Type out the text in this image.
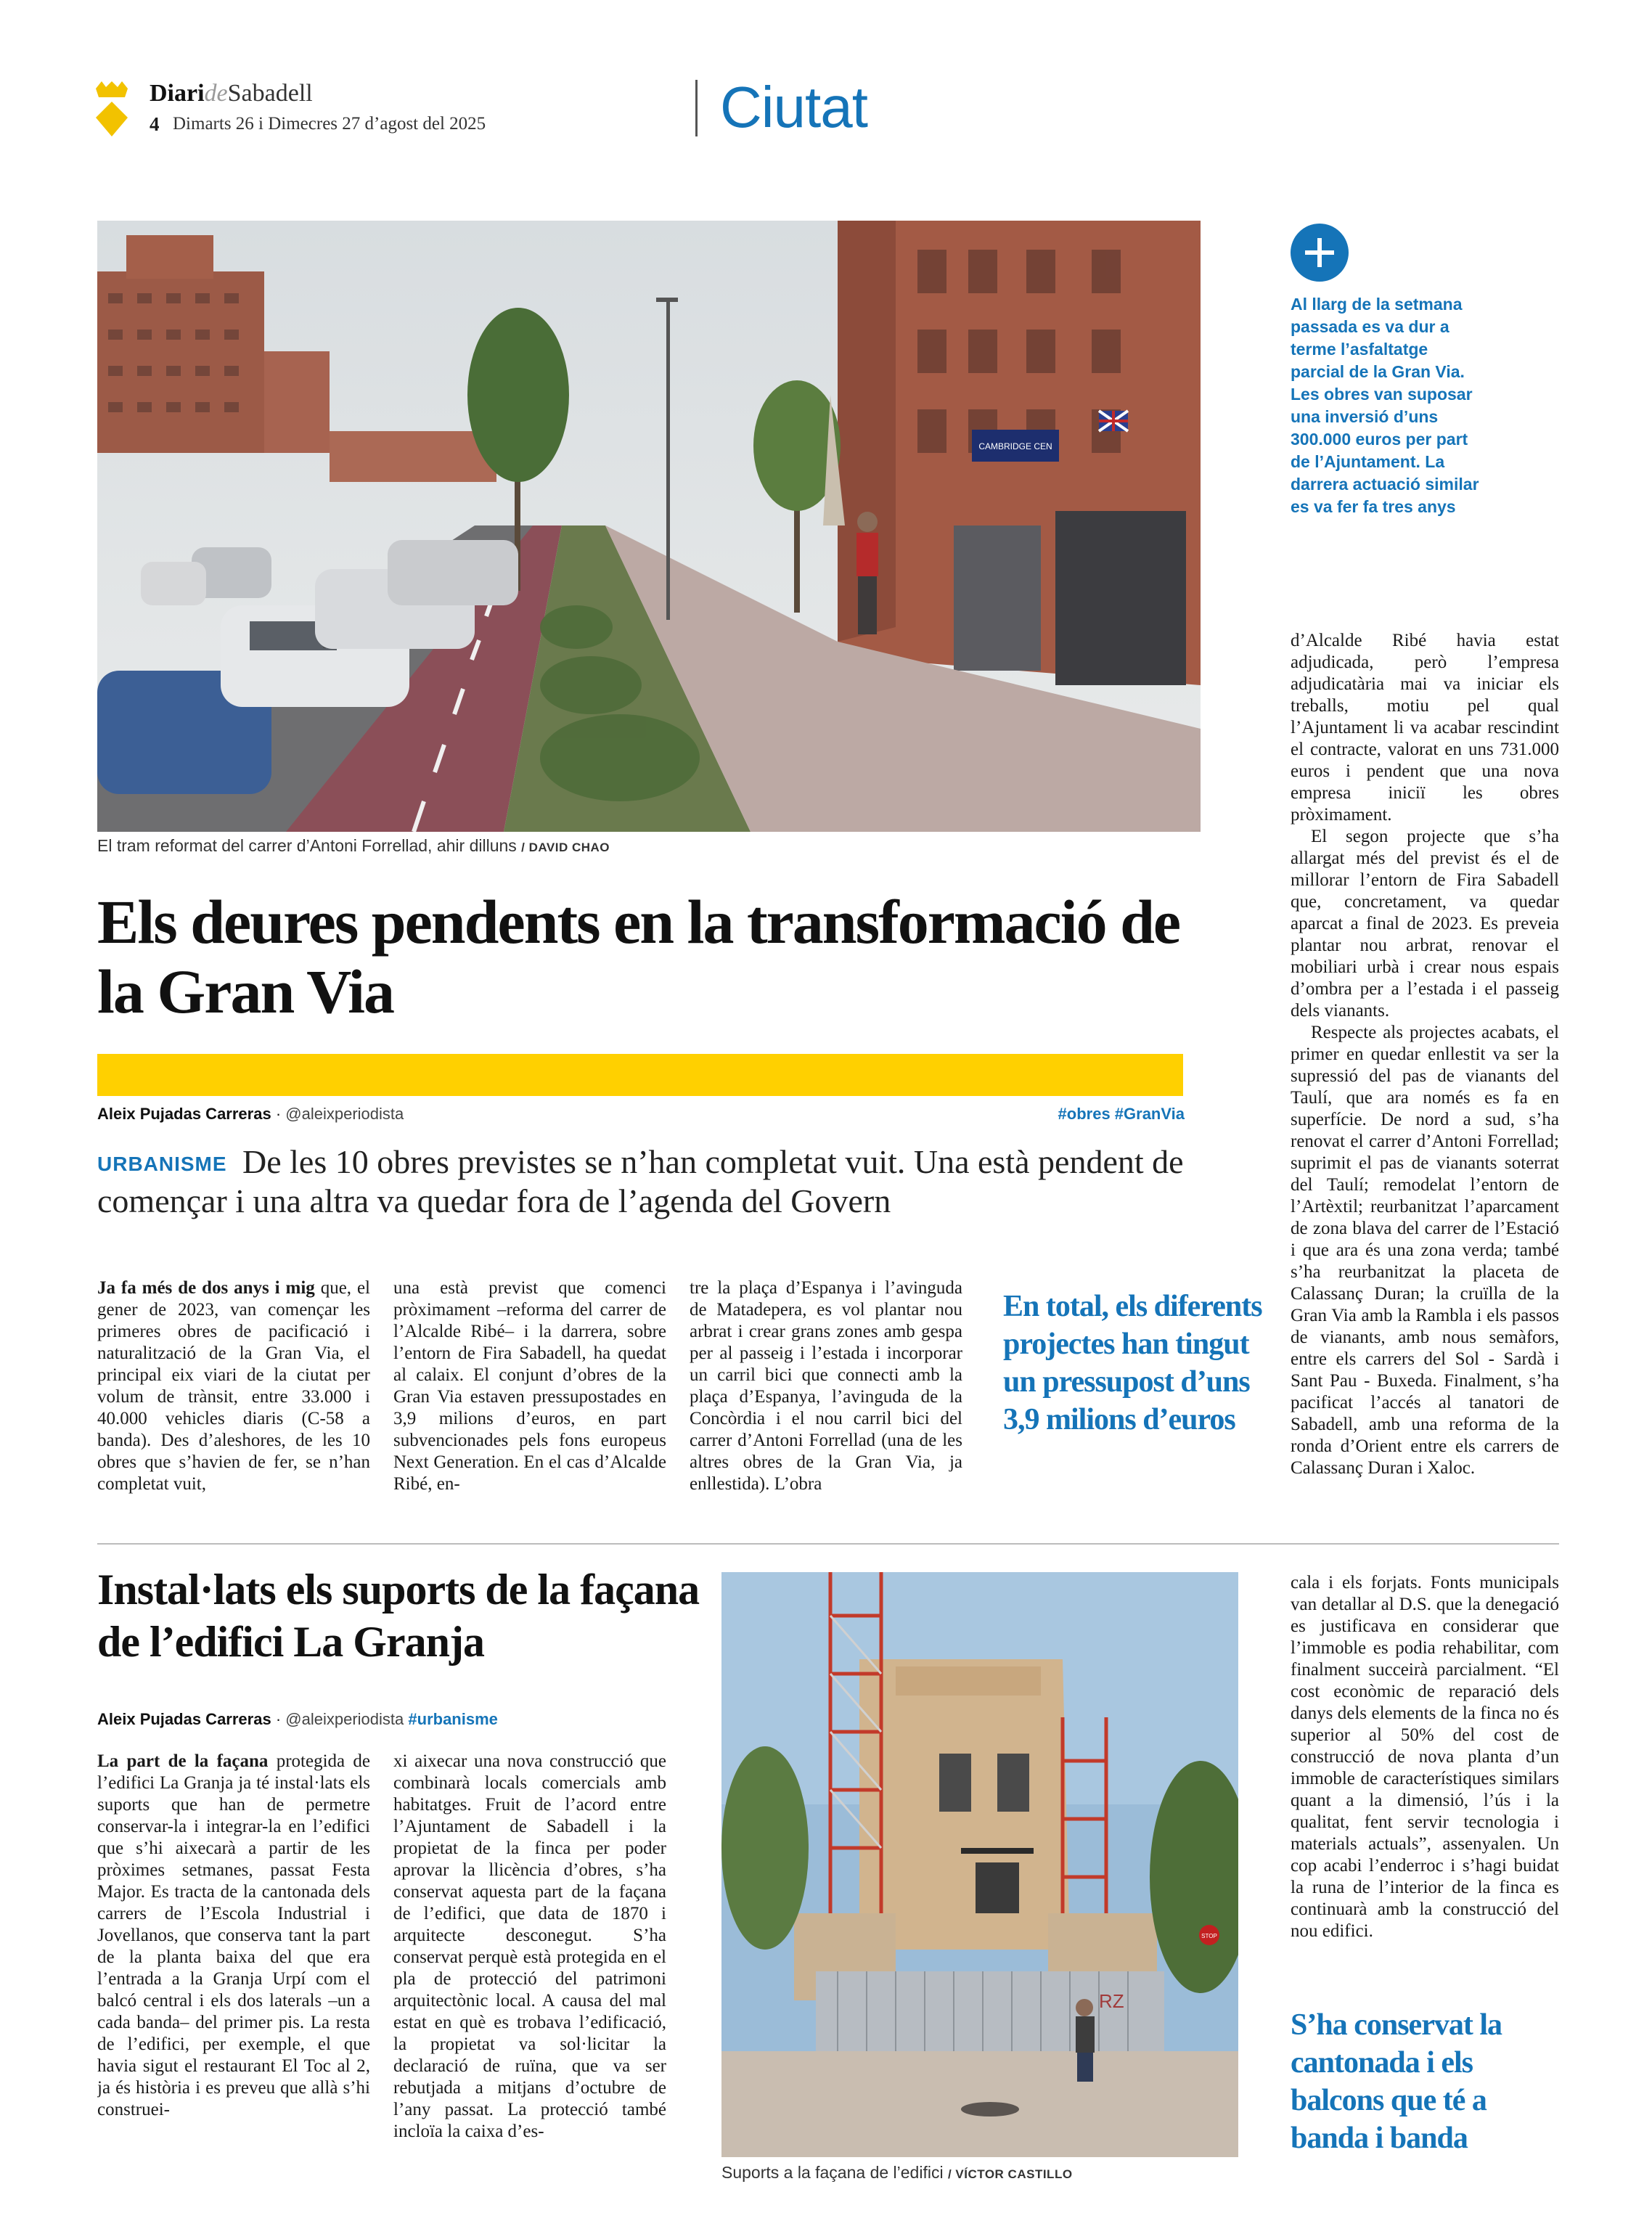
DiarideSabadell
4 Dimarts 26 i Dimecres 27 d’agost del 2025	Ciutat
CAMBRIDGE CEN
El tram reformat del carrer d’Antoni Forrellad, ahir dilluns / DAVID CHAO
Els deures pendents en la transformació de la Gran Via
Aleix Pujadas Carreras · @aleixperiodista	#obres #GranVia
De les 10 obres previstes se n’han completat vuit. Una està pendent de començar i una altra va quedar fora de l’agenda del Govern
URBANISME

Ja fa més de dos anys i mig que, el gener de 2023, van començar les primeres obres de pacificació i naturalització de la Gran Via, el principal eix viari de la ciutat per volum de trànsit, entre 33.000 i 40.000 vehicles diaris (C-58 a banda). Des d’aleshores, de les 10 obres que s’havien de fer, se n’han completat vuit,

una està previst que comenci pròximament –reforma del carrer de l’Alcalde Ribé– i la darrera, sobre l’entorn de Fira Sabadell, ha quedat al calaix. El conjunt d’obres de la Gran Via estaven pressupostades en 3,9 milions d’euros, en part subvencionades pels fons europeus Next Generation. En el cas d’Alcalde Ribé, en-

tre la plaça d’Espanya i l’avinguda de Matadepera, es vol plantar nou arbrat i crear grans zones amb gespa per al passeig i l’estada i incorporar un carril bici que connecti amb la plaça d’Espanya, l’avinguda de la Concòrdia i el nou carril bici del carrer d’Antoni Forrellad (una de les altres obres de la Gran Via, ja enllestida). L’obra

En total, els diferents projectes han tingut un pressupost d’uns 3,9 milions d’euros
Al llarg de la setmana passada es va dur a terme l’asfaltatge parcial de la Gran Via. Les obres van suposar una inversió d’uns 300.000 euros per part de l’Ajuntament. La darrera actuació similar es va fer fa tres anys

d’Alcalde Ribé havia estat adjudicada, però l’empresa adjudicatària mai va iniciar els treballs, motiu pel qual l’Ajuntament li va acabar rescindint el contracte, valorat en uns 731.000 euros i pendent que una nova empresa iniciï les obres pròximament.

El segon projecte que s’ha allargat més del previst és el de millorar l’entorn de Fira Sabadell que, concretament, va quedar aparcat a final de 2023. Es preveia plantar nou arbrat, renovar el mobiliari urbà i crear nous espais d’ombra per a l’estada i el passeig dels vianants.

Respecte als projectes acabats, el primer en quedar enllestit va ser la supressió del pas de vianants del Taulí, que ara només es fa en superfície. De nord a sud, s’ha renovat el carrer d’Antoni Forrellad; suprimit el pas de vianants soterrat del Taulí; remodelat l’entorn de l’Artèxtil; reurbanitzat l’aparcament de zona blava del carrer de l’Estació i que ara és una zona verda; també s’ha reurbanitzat la placeta de Calassanç Duran; la cruïlla de la Gran Via amb la Rambla i els passos de vianants, amb nous semàfors, entre els carrers del Sol - Sardà i Sant Pau - Buxeda. Finalment, s’ha pacificat l’accés al tanatori de Sabadell, amb una reforma de la ronda d’Orient entre els carrers de Calassanç Duran i Xaloc.

Instal·lats els suports de la façana de l’edifici La Granja
Aleix Pujadas Carreras · @aleixperiodista #urbanisme

La part de la façana protegida de l’edifici La Granja ja té instal·lats els suports que han de permetre conservar-la i integrar-la en l’edifici que s’hi aixecarà a partir de les pròximes setmanes, passat Festa Major. Es tracta de la cantonada dels carrers de l’Escola Industrial i Jovellanos, que conserva tant la part de la planta baixa del que era l’entrada a la Granja Urpí com el balcó central i els dos laterals –un a cada banda– del primer pis. La resta de l’edifici, per exemple, el que havia sigut el restaurant El Toc al 2, ja és història i es preveu que allà s’hi construei-

xi aixecar una nova construcció que combinarà locals comercials amb habitatges. Fruit de l’acord entre l’Ajuntament de Sabadell i la propietat de la finca per poder aprovar la llicència d’obres, s’ha conservat aquesta part de la façana de l’edifici, que data de 1870 i arquitecte desconegut. S’ha conservat perquè està protegida en el pla de protecció del patrimoni arquitectònic local. A causa del mal estat en què es trobava l’edificació, la propietat va sol·licitar la declaració de ruïna, que va ser rebutjada a mitjans d’octubre de l’any passat. La protecció també incloïa la caixa d’es-

RZ
STOP
Suports a la façana de l’edifici / VÍCTOR CASTILLO

cala i els forjats. Fonts municipals van detallar al D.S. que la denegació es justificava en considerar que l’immoble es podia rehabilitar, com finalment succeirà parcialment. “El cost econòmic de reparació dels danys dels elements de la finca no és superior al 50% del cost de construcció de nova planta d’un immoble de característiques similars quant a la dimensió, l’ús i la qualitat, fent servir tecnologia i materials actuals”, assenyalen. Un cop acabi l’enderroc i s’hagi buidat la runa de l’interior de la finca es continuarà amb la construcció del nou edifici.

S’ha conservat la cantonada i els balcons que té a banda i banda
